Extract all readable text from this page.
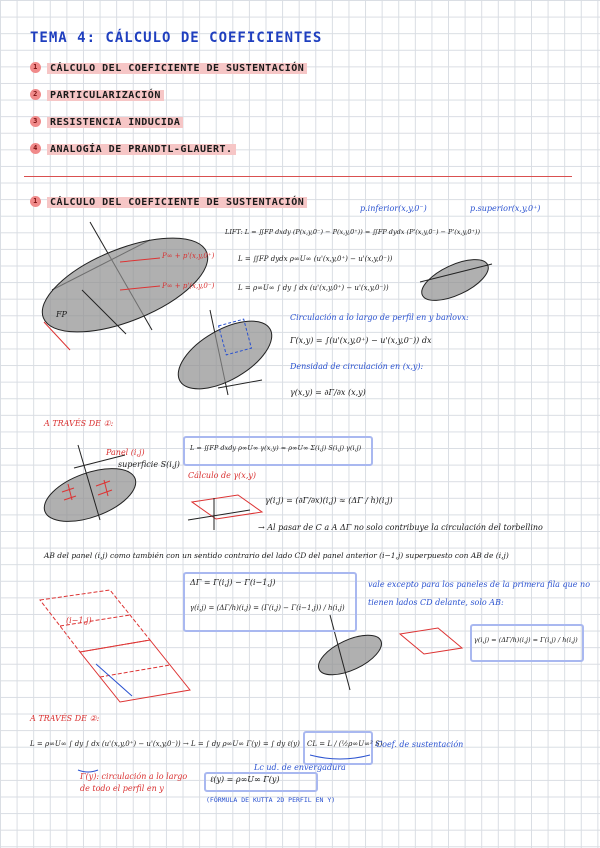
TEMA 4: CÁLCULO DE COEFICIENTES
1 CÁLCULO DEL COEFICIENTE DE SUSTENTACIÓN
2 PARTICULARIZACIÓN
3 RESISTENCIA INDUCIDA
4 ANALOGÍA DE PRANDTL-GLAUERT.
1 CÁLCULO DEL COEFICIENTE DE SUSTENTACIÓN
p.inferior(x,y,0⁻)	p.superior(x,y,0⁺)
LIFT: L = ∬FP dxdy (P(x,y,0⁻) − P(x,y,0⁺)) = ∬FP dydx (P'(x,y,0⁻) − P'(x,y,0⁺))
L = ∬FP dydx ρ∞U∞ (u'(x,y,0⁺) − u'(x,y,0⁻))
L = ρ∞U∞ ∫ dy ∫ dx (u'(x,y,0⁺) − u'(x,y,0⁻))
P∞ + p'(x,y,0⁺)
P∞ + p'(x,y,0⁻)
FP	Circulación a lo largo de perfil en y barlovx:
Γ(x,y) = ∫(u'(x,y,0⁺) − u'(x,y,0⁻)) dx
Densidad de circulación en (x,y):
γ(x,y) = ∂Γ/∂x (x,y)
A TRAVÉS DE ①:
Panel (i,j)
superficie S(i,j)
L = ∬FP dxdy ρ∞U∞ γ(x,y) ≈ ρ∞U∞ Σ(i,j) S(i,j) γ(i,j)
Cálculo de γ(x,y)
γ(i,j) = (∂Γ/∂x)(i,j) ≈ (ΔΓ / h)(i,j)
→ Al pasar de C a A ΔΓ no solo contribuye la circulación del torbellino
AB del panel (i,j) como también con un sentido contrario del lado CD del panel anterior (i−1,j) superpuesto con AB de (i,j)
ΔΓ = Γ(i,j) − Γ(i−1,j)
γ(i,j) = (ΔΓ/h)(i,j) = (Γ(i,j) − Γ(i−1,j)) / h(i,j)
vale excepto para los paneles de la primera fila que no
tienen lados CD delante, solo AB:
γ(i,j) = (ΔΓ/h)(i,j) = Γ(i,j) / h(i,j)
(i−1,j)
A TRAVÉS DE ②:
L = ρ∞U∞ ∫ dy ∫ dx (u'(x,y,0⁺) − u'(x,y,0⁻)) → L = ∫ dy ρ∞U∞ Γ(y) = ∫ dy ℓ(y) CL = L / (½ρ∞U∞² S)
Coef. de sustentación
Γ(y): circulación a lo largo
de todo el perfil en y
Lc ud. de envergadura
ℓ(y) = ρ∞U∞ Γ(y)
(FÓRMULA DE KUTTA 2D PERFIL EN Y)
